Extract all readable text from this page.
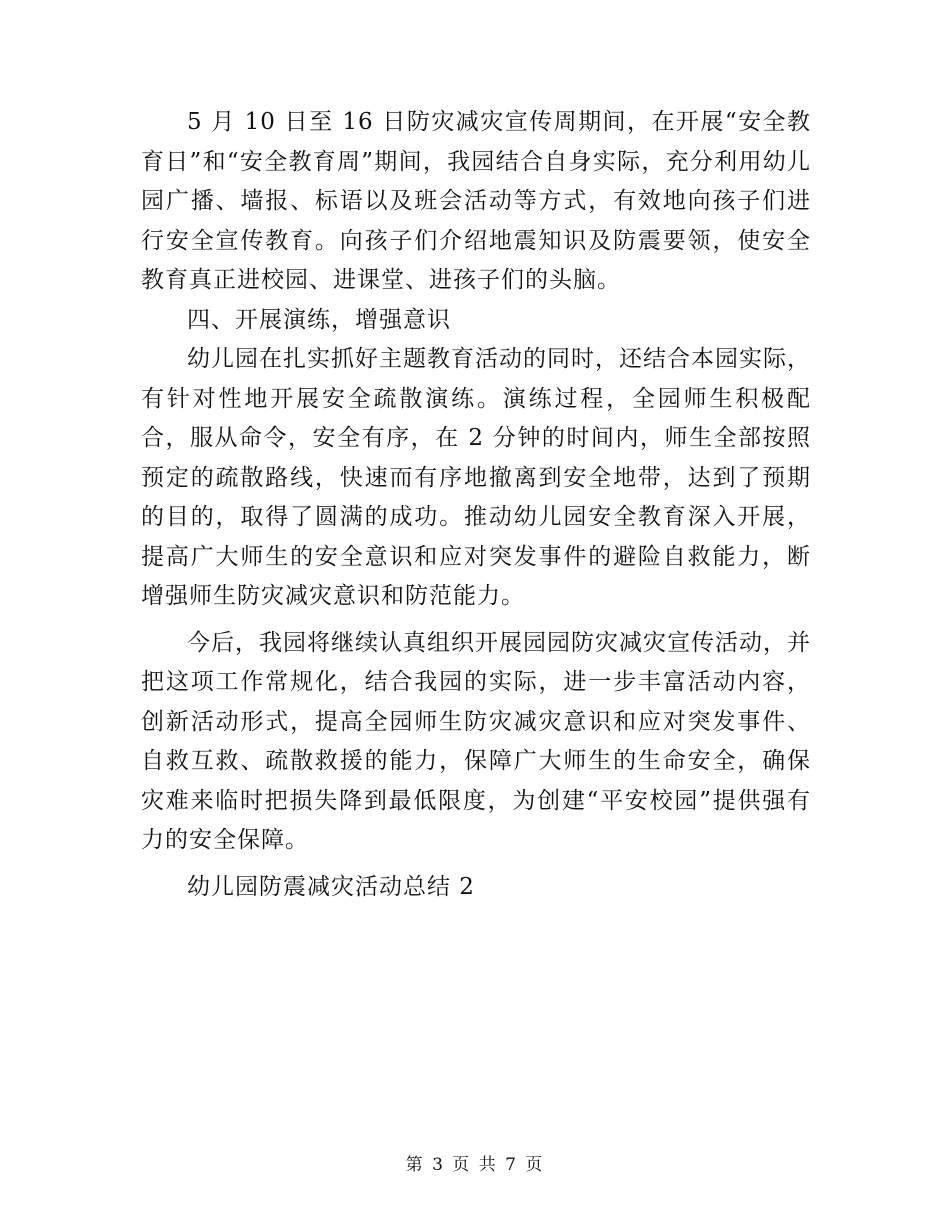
5 月 10 日至 16 日防灾减灾宣传周期间，在开展“安全教育日”和“安全教育周”期间，我园结合自身实际，充分利用幼儿园广播、墙报、标语以及班会活动等方式，有效地向孩子们进行安全宣传教育。向孩子们介绍地震知识及防震要领，使安全教育真正进校园、进课堂、进孩子们的头脑。

四、开展演练，增强意识

幼儿园在扎实抓好主题教育活动的同时，还结合本园实际，有针对性地开展安全疏散演练。演练过程，全园师生积极配合，服从命令，安全有序，在 2 分钟的时间内，师生全部按照预定的疏散路线，快速而有序地撤离到安全地带，达到了预期的目的，取得了圆满的成功。推动幼儿园安全教育深入开展，提高广大师生的安全意识和应对突发事件的避险自救能力，断增强师生防灾减灾意识和防范能力。

今后，我园将继续认真组织开展园园防灾减灾宣传活动，并把这项工作常规化，结合我园的实际，进一步丰富活动内容，创新活动形式，提高全园师生防灾减灾意识和应对突发事件、自救互救、疏散救援的能力，保障广大师生的生命安全，确保灾难来临时把损失降到最低限度，为创建“平安校园”提供强有力的安全保障。

幼儿园防震减灾活动总结 2

第 3 页 共 7 页
